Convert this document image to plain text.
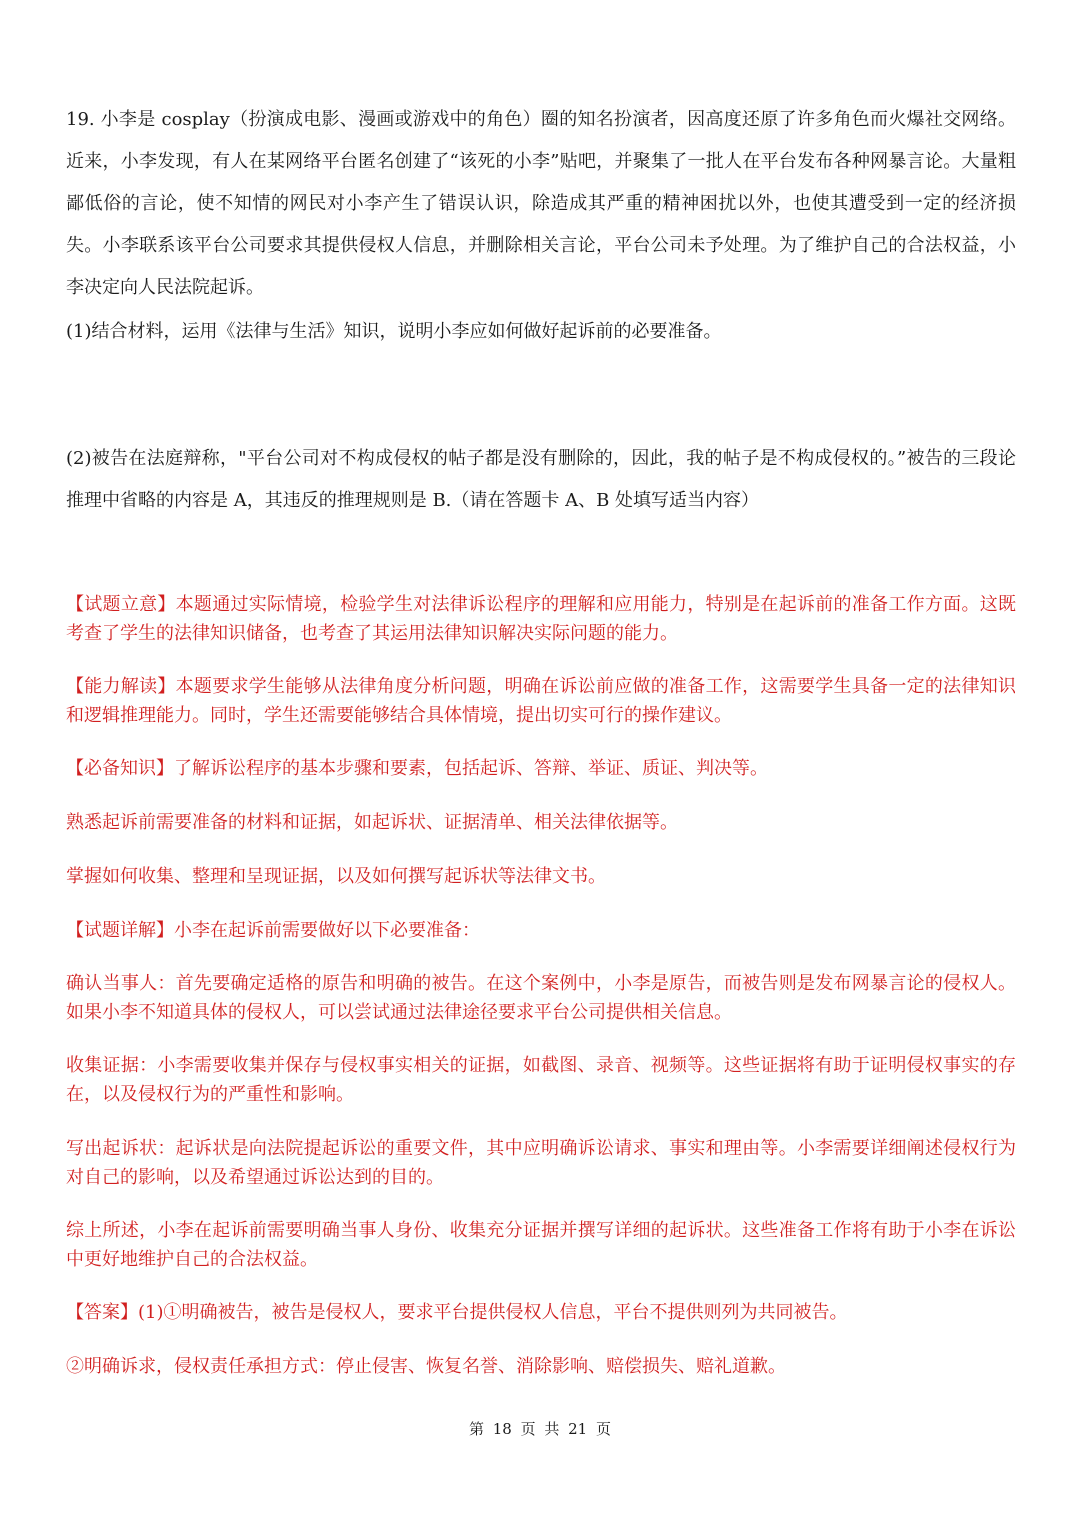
19. 小李是 cosplay（扮演成电影、漫画或游戏中的角色）圈的知名扮演者，因高度还原了许多角色而火爆社交网络。近来，小李发现，有人在某网络平台匿名创建了“该死的小李”贴吧，并聚集了一批人在平台发布各种网暴言论。大量粗鄙低俗的言论，使不知情的网民对小李产生了错误认识，除造成其严重的精神困扰以外，也使其遭受到一定的经济损失。小李联系该平台公司要求其提供侵权人信息，并删除相关言论，平台公司未予处理。为了维护自己的合法权益，小李决定向人民法院起诉。

(1)结合材料，运用《法律与生活》知识，说明小李应如何做好起诉前的必要准备。

(2)被告在法庭辩称，"平台公司对不构成侵权的帖子都是没有删除的，因此，我的帖子是不构成侵权的。”被告的三段论推理中省略的内容是 A，其违反的推理规则是 B.（请在答题卡 A、B 处填写适当内容）

【试题立意】本题通过实际情境，检验学生对法律诉讼程序的理解和应用能力，特别是在起诉前的准备工作方面。这既考查了学生的法律知识储备，也考查了其运用法律知识解决实际问题的能力。

【能力解读】本题要求学生能够从法律角度分析问题，明确在诉讼前应做的准备工作，这需要学生具备一定的法律知识和逻辑推理能力。同时，学生还需要能够结合具体情境，提出切实可行的操作建议。

【必备知识】了解诉讼程序的基本步骤和要素，包括起诉、答辩、举证、质证、判决等。

熟悉起诉前需要准备的材料和证据，如起诉状、证据清单、相关法律依据等。

掌握如何收集、整理和呈现证据，以及如何撰写起诉状等法律文书。

【试题详解】小李在起诉前需要做好以下必要准备：

确认当事人：首先要确定适格的原告和明确的被告。在这个案例中，小李是原告，而被告则是发布网暴言论的侵权人。如果小李不知道具体的侵权人，可以尝试通过法律途径要求平台公司提供相关信息。

收集证据：小李需要收集并保存与侵权事实相关的证据，如截图、录音、视频等。这些证据将有助于证明侵权事实的存在，以及侵权行为的严重性和影响。

写出起诉状：起诉状是向法院提起诉讼的重要文件，其中应明确诉讼请求、事实和理由等。小李需要详细阐述侵权行为对自己的影响，以及希望通过诉讼达到的目的。

综上所述，小李在起诉前需要明确当事人身份、收集充分证据并撰写详细的起诉状。这些准备工作将有助于小李在诉讼中更好地维护自己的合法权益。

【答案】(1)①明确被告，被告是侵权人，要求平台提供侵权人信息，平台不提供则列为共同被告。

②明确诉求，侵权责任承担方式：停止侵害、恢复名誉、消除影响、赔偿损失、赔礼道歉。

第 18 页 共 21 页
